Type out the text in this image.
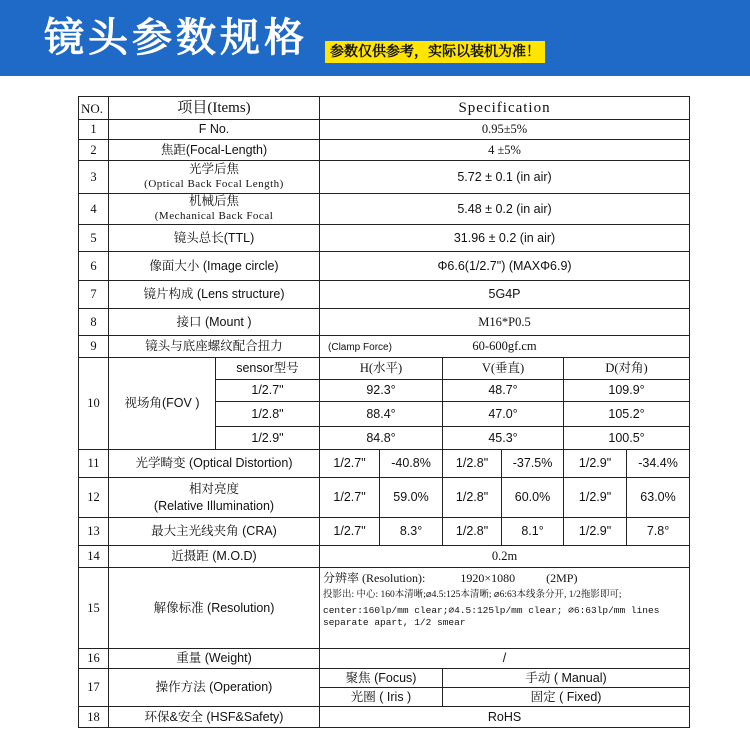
镜头参数规格	参数仅供参考，实际以装机为准！
NO.	项目(Items)		Specification					
1	F No.		0.95±5%					
2	焦距(Focal-Length)		4 ±5%					
3	光学后焦
(Optical Back Focal Length)		5.72 ± 0.1 (in air)					
4	机械后焦
(Mechanical Back Focal		5.48 ± 0.2 (in air)					
5	镜头总长(TTL)		31.96 ± 0.2 (in air)					
6	像面大小 (Image circle)		Φ6.6(1/2.7") (MAXΦ6.9)					
7	镜片构成 (Lens structure)		5G4P					
8	接口 (Mount )		M16*P0.5					
9	镜头与底座螺纹配合扭力		(Clamp Force) 60-600gf.cm					
10	视场角(FOV )	sensor型号	H(水平)		V(垂直)		D(对角)	
		1/2.7"	92.3°		48.7°		109.9°	
		1/2.8"	88.4°		47.0°		105.2°	
		1/2.9"	84.8°		45.3°		100.5°	
11	光学畸变 (Optical Distortion)		1/2.7"	-40.8%	1/2.8"	-37.5%	1/2.9"	-34.4%
12	相对亮度
(Relative Illumination)		1/2.7"	59.0%	1/2.8"	60.0%	1/2.9"	63.0%
13	最大主光线夹角 (CRA)		1/2.7"	8.3°	1/2.8"	8.1°	1/2.9"	7.8°
14	近摄距 (M.O.D)		0.2m					
15	解像标准 (Resolution)		分辨率 (Resolution): 1920×1080 (2MP)
投影出: 中心: 160本清晰;⌀4.5:125本清晰; ⌀6:63本线条分开, 1/2拖影即可;
center:160lp/mm clear;⌀4.5:125lp/mm clear; ⌀6:63lp/mm lines separate apart, 1/2 smear					

16	重量 (Weight)		/					
17	操作方法 (Operation)		聚焦 (Focus)		手动 ( Manual)			
			光圈 ( Iris )		固定 ( Fixed)			
18	环保&安全 (HSF&Safety)		RoHS					
